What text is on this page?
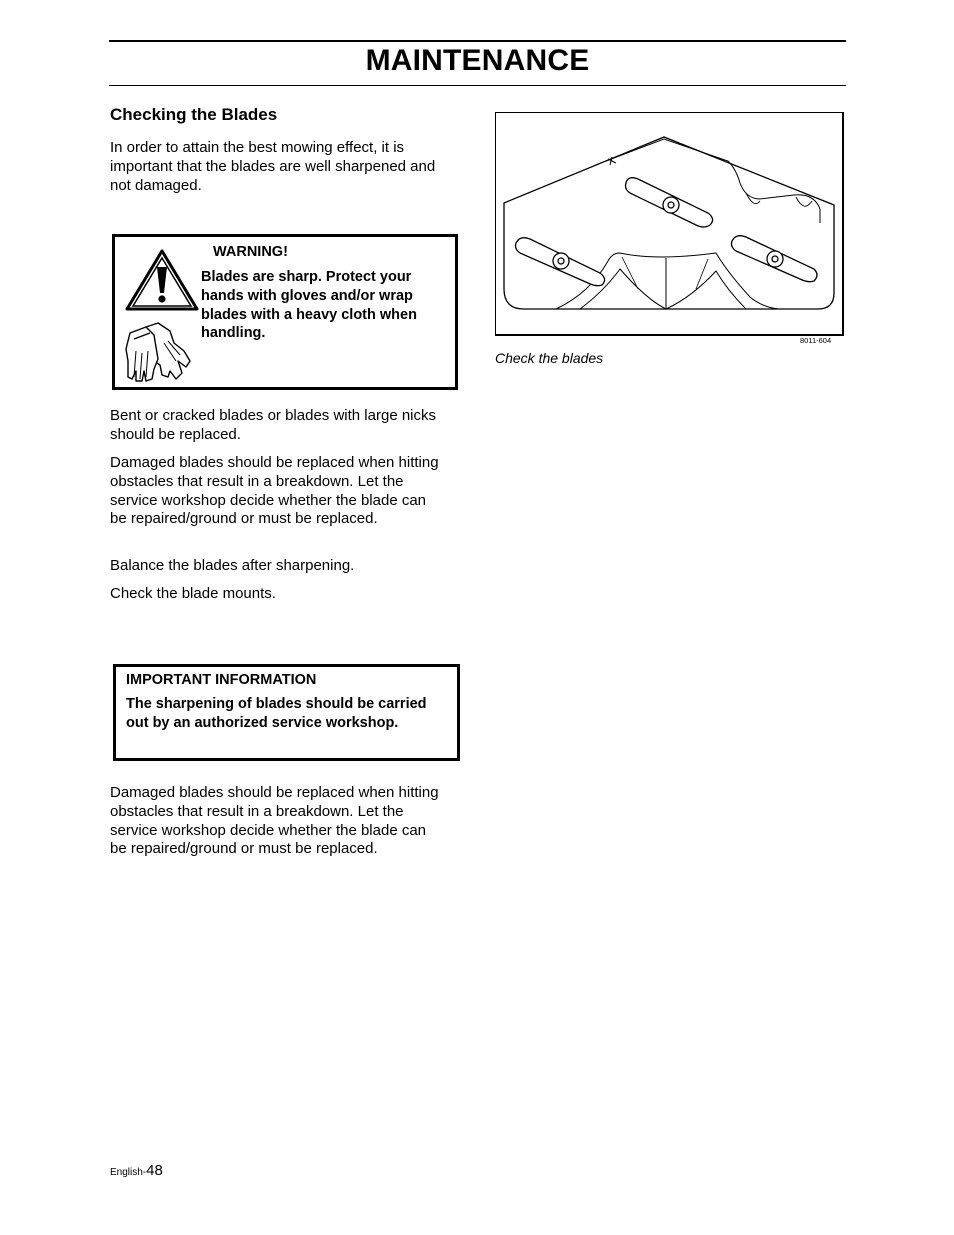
MAINTENANCE
Checking the Blades

In order to attain the best mowing effect, it is important that the blades are well sharpened and not damaged.

WARNING!

Blades are sharp. Protect your
hands with gloves and/or wrap
blades with a heavy cloth when
handling.

Bent or cracked blades or blades with large nicks should be replaced.

Damaged blades should be replaced when hitting obstacles that result in a breakdown. Let the service workshop decide whether the blade can be repaired/ground or must be replaced.

Balance the blades after sharpening.

Check the blade mounts.

IMPORTANT INFORMATION

The sharpening of blades should be carried out by an authorized service workshop.

Damaged blades should be replaced when hitting obstacles that result in a breakdown. Let the service workshop decide whether the blade can be repaired/ground or must be replaced.

8011-604
Check the blades
English-48
